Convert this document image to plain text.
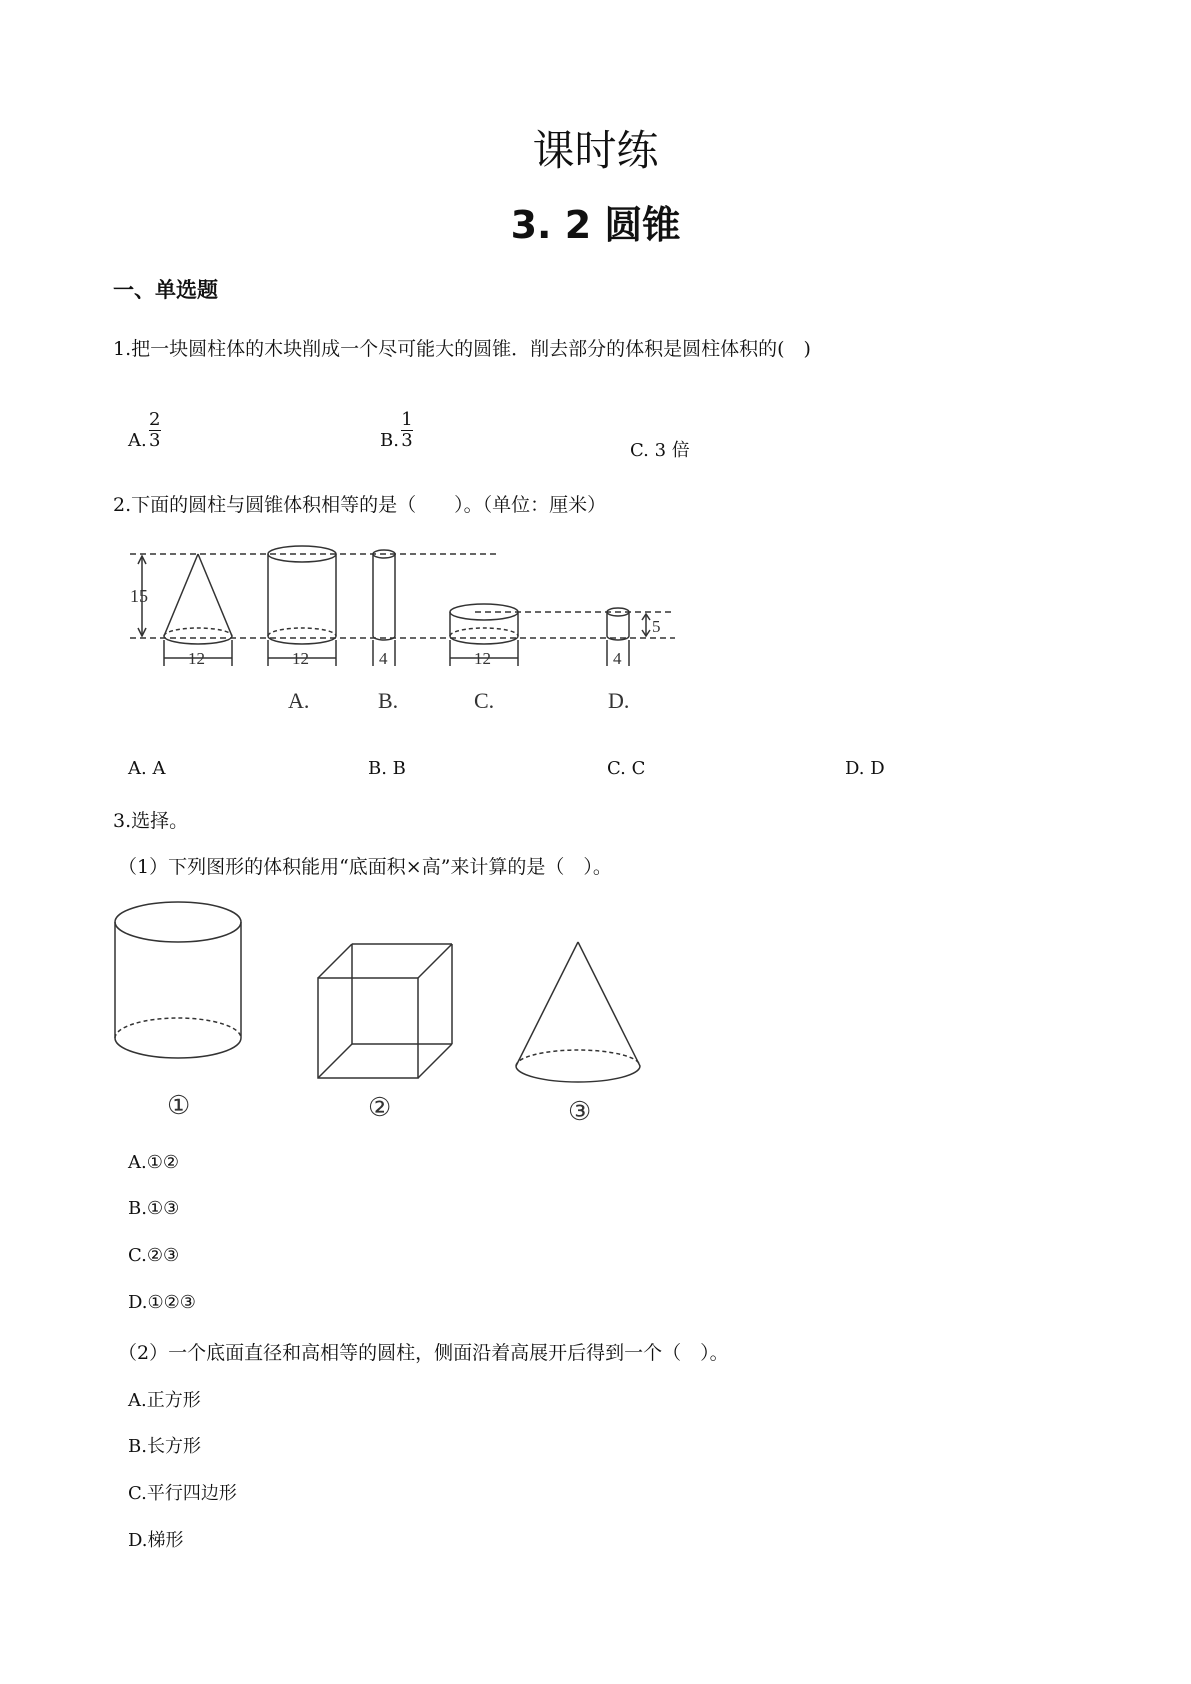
课时练
3. 2 圆锥
一、单选题
1.把一块圆柱体的木块削成一个尽可能大的圆锥．削去部分的体积是圆柱体积的(　)
A. $\frac{2}{3}$	B. $\frac{1}{3}$	C. 3 倍
2.下面的圆柱与圆锥体积相等的是（　　）。（单位：厘米）
15
12	12
A.
4
B.
12
C.
4
5
D.
A. A	B. B	C. C	D. D
3.选择。
（1）下列图形的体积能用“底面积×高”来计算的是（　）。
①	②	③
A.①②
B.①③
C.②③
D.①②③
（2）一个底面直径和高相等的圆柱，侧面沿着高展开后得到一个（　）。
A.正方形
B.长方形
C.平行四边形
D.梯形
